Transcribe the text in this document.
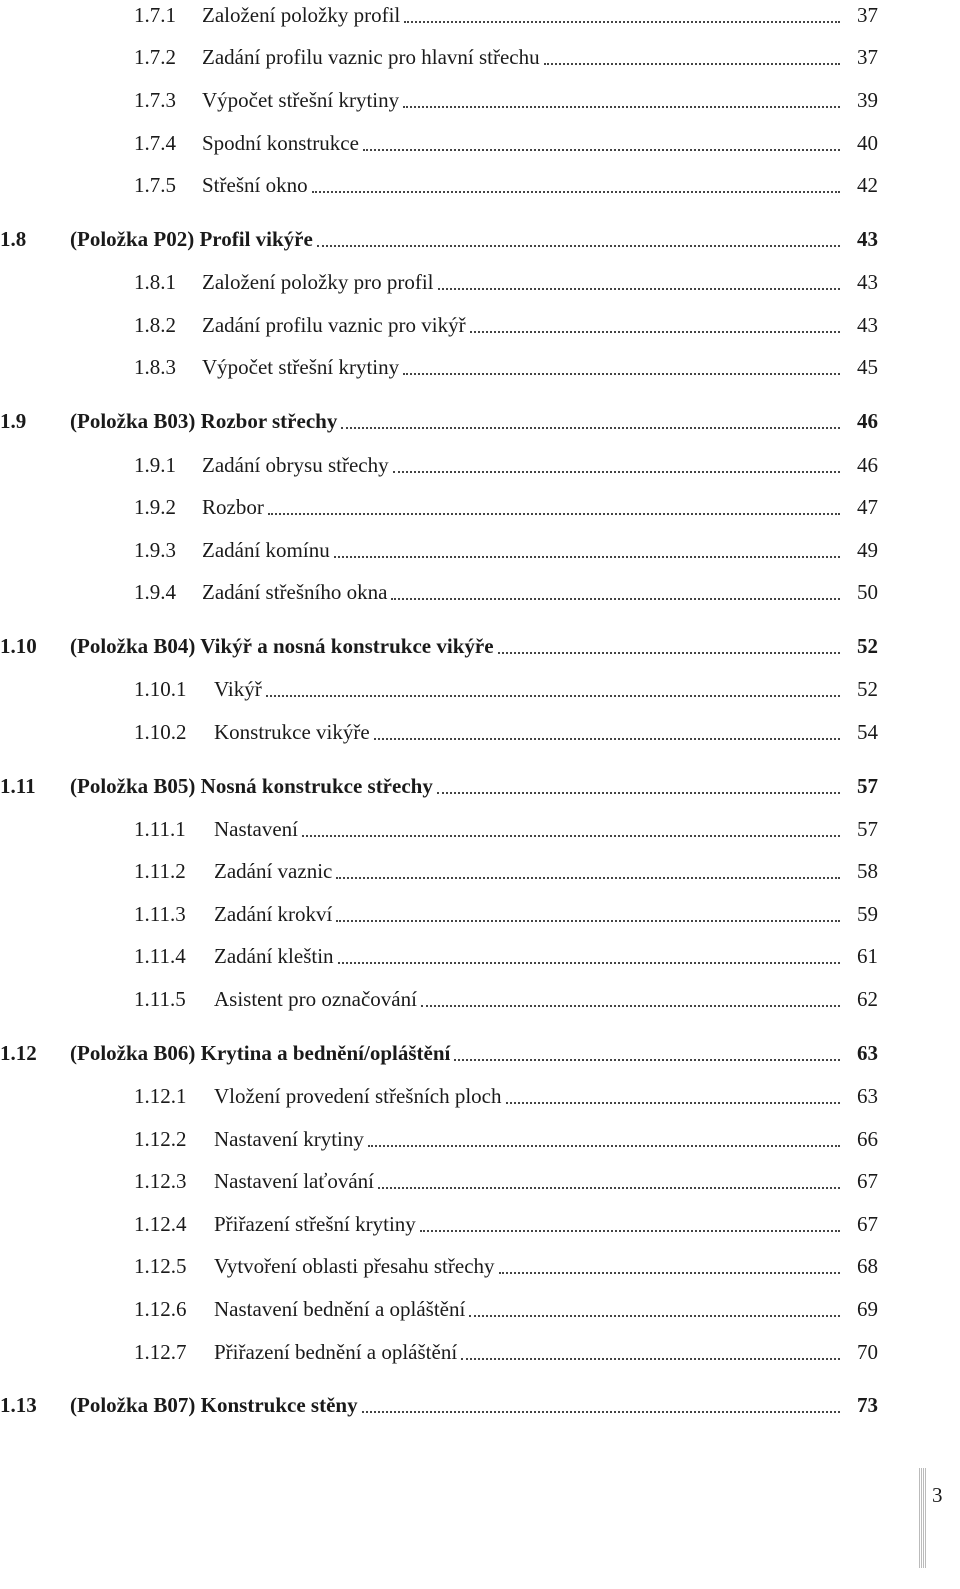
1.7.1	Založení položky profil	37
1.7.2	Zadání profilu vaznic pro hlavní střechu	37
1.7.3	Výpočet střešní krytiny	39
1.7.4	Spodní konstrukce	40
1.7.5	Střešní okno	42
1.8	(Položka P02) Profil vikýře	43
1.8.1	Založení položky pro profil	43
1.8.2	Zadání profilu vaznic pro vikýř	43
1.8.3	Výpočet střešní krytiny	45
1.9	(Položka B03) Rozbor střechy	46
1.9.1	Zadání obrysu střechy	46
1.9.2	Rozbor	47
1.9.3	Zadání komínu	49
1.9.4	Zadání střešního okna	50
1.10	(Položka B04) Vikýř a nosná konstrukce vikýře	52
1.10.1	Vikýř	52
1.10.2	Konstrukce vikýře	54
1.11	(Položka B05) Nosná konstrukce střechy	57
1.11.1	Nastavení	57
1.11.2	Zadání vaznic	58
1.11.3	Zadání krokví	59
1.11.4	Zadání kleštin	61
1.11.5	Asistent pro označování	62
1.12	(Položka B06) Krytina a bednění/opláštění	63
1.12.1	Vložení provedení střešních ploch	63
1.12.2	Nastavení krytiny	66
1.12.3	Nastavení laťování	67
1.12.4	Přiřazení střešní krytiny	67
1.12.5	Vytvoření oblasti přesahu střechy	68
1.12.6	Nastavení bednění a opláštění	69
1.12.7	Přiřazení bednění a opláštění	70
1.13	(Položka B07) Konstrukce stěny	73
3
